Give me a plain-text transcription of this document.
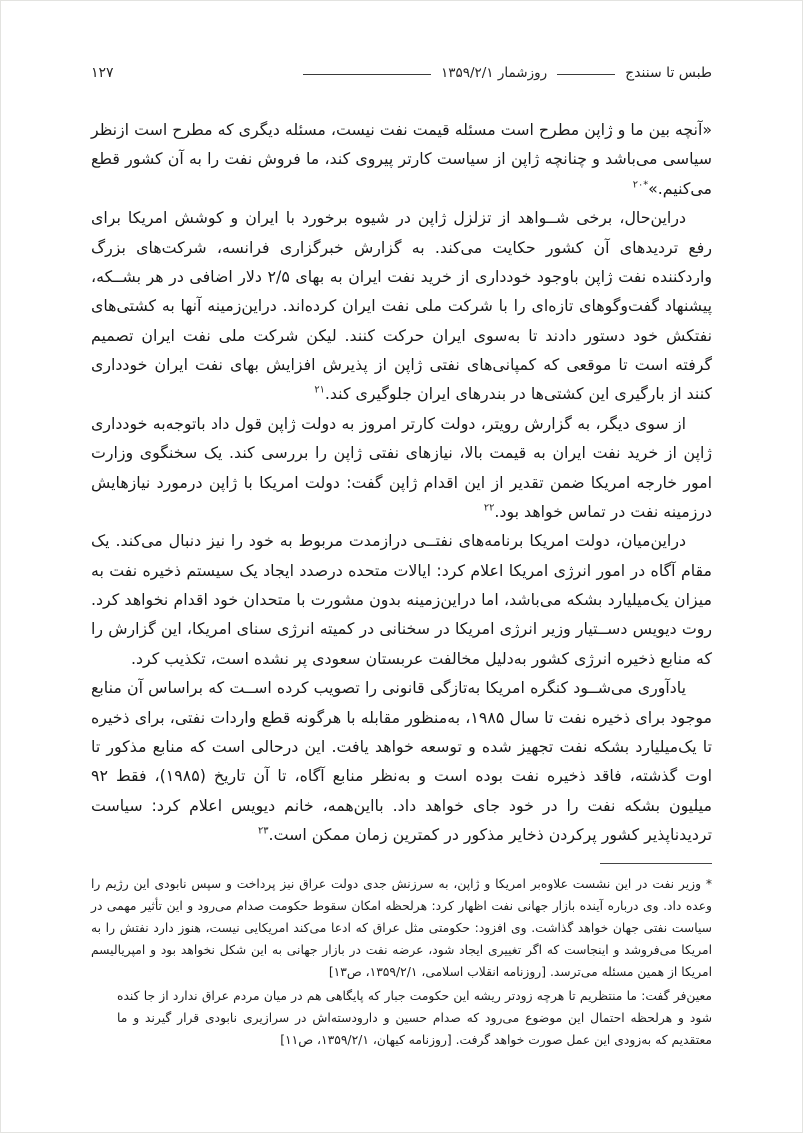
طبس تا سنندج
روزشمار ۱۳۵۹/۲/۱
۱۲۷

«آنچه بین ما و ژاپن مطرح است مسئله قیمت نفت نیست، مسئله دیگری که مطرح است ازنظر سیاسی می‌باشد و چنانچه ژاپن از سیاست کارتر پیروی کند، ما فروش نفت را به آن کشور قطع می‌کنیم.»$^{*۲۰}$

دراین‌حال، برخی شــواهد از تزلزل ژاپن در شیوه برخورد با ایران و کوشش امریکا برای رفع تردیدهای آن کشور حکایت می‌کند. به گزارش خبرگزاری فرانسه، شرکت‌های بزرگ واردکننده نفت ژاپن باوجود خودداری از خرید نفت ایران به بهای ۲/۵ دلار اضافی در هر بشــکه، پیشنهاد گفت‌وگوهای تازه‌ای را با شرکت ملی نفت ایران کرده‌اند. دراین‌زمینه آنها به کشتی‌های نفتکش خود دستور دادند تا به‌سوی ایران حرکت کنند. لیکن شرکت ملی نفت ایران تصمیم گرفته است تا موقعی که کمپانی‌های نفتی ژاپن از پذیرش افزایش بهای نفت ایران خودداری کنند از بارگیری این کشتی‌ها در بندرهای ایران جلوگیری کند.$^{۲۱}$

از سوی دیگر، به گزارش رویتر، دولت کارتر امروز به دولت ژاپن قول داد باتوجه‌به خودداری ژاپن از خرید نفت ایران به قیمت بالا، نیازهای نفتی ژاپن را بررسی کند. یک سخنگوی وزارت امور خارجه امریکا ضمن تقدیر از این اقدام ژاپن گفت: دولت امریکا با ژاپن درمورد نیازهایش درزمینه نفت در تماس خواهد بود.$^{۲۲}$

دراین‌میان، دولت امریکا برنامه‌های نفتــی درازمدت مربوط به خود را نیز دنبال می‌کند. یک مقام آگاه در امور انرژی امریکا اعلام کرد: ایالات متحده درصدد ایجاد یک سیستم ذخیره نفت به میزان یک‌میلیارد بشکه می‌باشد، اما دراین‌زمینه بدون مشورت با متحدان خود اقدام نخواهد کرد. روت دیویس دســتیار وزیر انرژی امریکا در سخنانی در کمیته انرژی سنای امریکا، این گزارش را که منابع ذخیره انرژی کشور به‌دلیل مخالفت عربستان سعودی پر نشده است، تکذیب کرد.

یادآوری می‌شــود کنگره امریکا به‌تازگی قانونی را تصویب کرده اســت که براساس آن منابع موجود برای ذخیره نفت تا سال ۱۹۸۵، به‌منظور مقابله با هرگونه قطع واردات نفتی، برای ذخیره تا یک‌میلیارد بشکه نفت تجهیز شده و توسعه خواهد یافت. این درحالی است که منابع مذکور تا اوت گذشته، فاقد ذخیره نفت بوده است و به‌نظر منابع آگاه، تا آن تاریخ (۱۹۸۵)، فقط ۹۲ میلیون بشکه نفت را در خود جای خواهد داد. بااین‌همه، خانم دیویس اعلام کرد: سیاست تردیدناپذیر کشور پرکردن ذخایر مذکور در کمترین زمان ممکن است.$^{۲۳}$

* وزیر نفت در این نشست علاوه‌بر امریکا و ژاپن، به سرزنش جدی دولت عراق نیز پرداخت و سپس نابودی این رژیم را وعده داد. وی درباره آینده بازار جهانی نفت اظهار کرد: هرلحظه امکان سقوط حکومت صدام می‌رود و این تأثیر مهمی در سیاست نفتی جهان خواهد گذاشت. وی افزود: حکومتی مثل عراق که ادعا می‌کند امریکایی نیست، هنوز دارد نفتش را به امریکا می‌فروشد و اینجاست که اگر تغییری ایجاد شود، عرضه نفت در بازار جهانی به این شکل نخواهد بود و امپریالیسم امریکا از همین مسئله می‌ترسد. [روزنامه انقلاب اسلامی، ۱۳۵۹/۲/۱، ص۱۳]

معین‌فر گفت: ما منتظریم تا هرچه زودتر ریشه این حکومت جبار که پایگاهی هم در میان مردم عراق ندارد از جا کنده شود و هرلحظه احتمال این موضوع می‌رود که صدام حسین و دارودسته‌اش در سرازیری نابودی قرار گیرند و ما معتقدیم که به‌زودی این عمل صورت خواهد گرفت. [روزنامه کیهان، ۱۳۵۹/۲/۱، ص۱۱]
